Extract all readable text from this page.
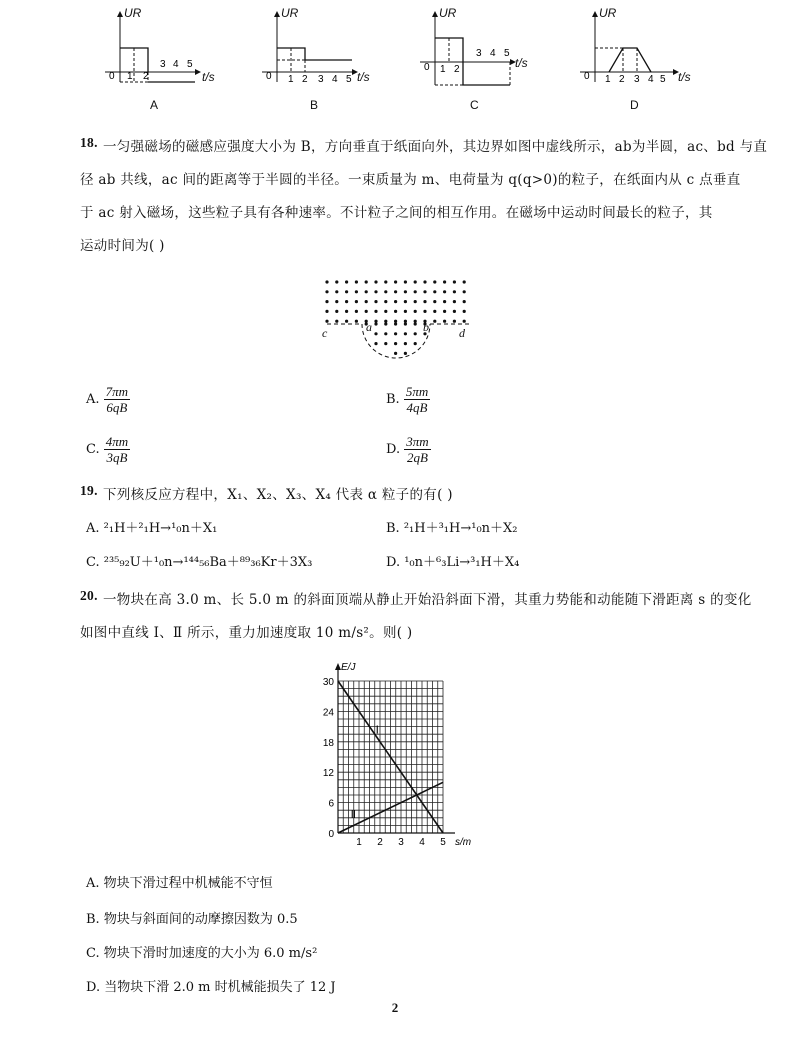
0 1 2
3 4 5
0 1 2 3 4 5
0 1 2
3 4 5
0 1 2 3 4 5
UR
t/s
UR
t/s
UR
t/s
UR
t/s
A	B	C	D
18. 一匀强磁场的磁感应强度大小为 B，方向垂直于纸面向外，其边界如图中虚线所示，ab为半圆，ac、bd 与直
径 ab 共线，ac 间的距离等于半圆的半径。一束质量为 m、电荷量为 q(q>0)的粒子，在纸面内从 c 点垂直
于 ac 射入磁场，这些粒子具有各种速率。不计粒子之间的相互作用。在磁场中运动时间最长的粒子，其
运动时间为( )
c	a	b	d
A. $\frac{7\pi m}{6qB}$	B. $\frac{5\pi m}{4qB}$
C. $\frac{4\pi m}{3qB}$	D. $\frac{3\pi m}{2qB}$
19. 下列核反应方程中，X₁、X₂、X₃、X₄ 代表 α 粒子的有( )
A. ²₁H＋²₁H→¹₀n＋X₁	B. ²₁H＋³₁H→¹₀n＋X₂
C. ²³⁵₉₂U＋¹₀n→¹⁴⁴₅₆Ba＋⁸⁹₃₆Kr＋3X₃	D. ¹₀n＋⁶₃Li→³₁H＋X₄
20. 一物块在高 3.0 m、长 5.0 m 的斜面顶端从静止开始沿斜面下滑，其重力势能和动能随下滑距离 s 的变化
如图中直线 Ⅰ、Ⅱ 所示，重力加速度取 10 m/s²。则( )
0
6
12
18
24
30
1 2 3 4 5
E/J
s/m
Ⅰ
Ⅱ
A. 物块下滑过程中机械能不守恒
B. 物块与斜面间的动摩擦因数为 0.5
C. 物块下滑时加速度的大小为 6.0 m/s²
D. 当物块下滑 2.0 m 时机械能损失了 12 J
2
